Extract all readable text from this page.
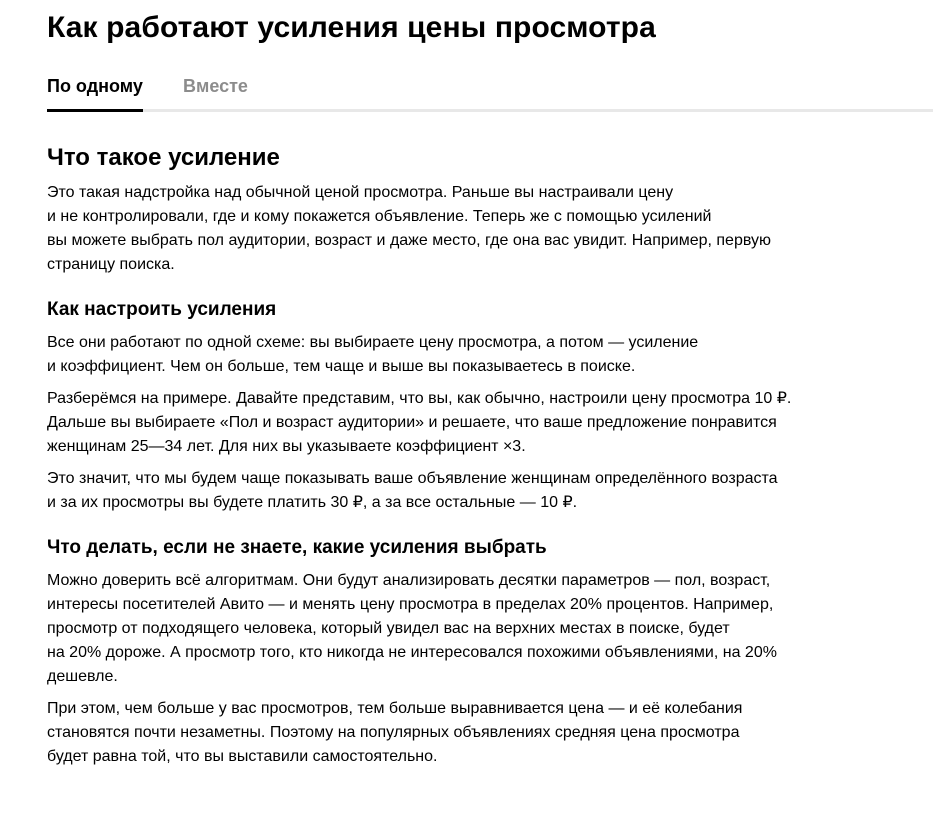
Как работают усиления цены просмотра
По одному Вместе
Что такое усиление

Это такая надстройка над обычной ценой просмотра. Раньше вы настраивали цену
и не контролировали, где и кому покажется объявление. Теперь же с помощью усилений
вы можете выбрать пол аудитории, возраст и даже место, где она вас увидит. Например, первую
страницу поиска.

Как настроить усиления

Все они работают по одной схеме: вы выбираете цену просмотра, а потом — усиление
и коэффициент. Чем он больше, тем чаще и выше вы показываетесь в поиске.

Разберёмся на примере. Давайте представим, что вы, как обычно, настроили цену просмотра 10 ₽.
Дальше вы выбираете «Пол и возраст аудитории» и решаете, что ваше предложение понравится
женщинам 25—34 лет. Для них вы указываете коэффициент ×3.

Это значит, что мы будем чаще показывать ваше объявление женщинам определённого возраста
и за их просмотры вы будете платить 30 ₽, а за все остальные — 10 ₽.

Что делать, если не знаете, какие усиления выбрать

Можно доверить всё алгоритмам. Они будут анализировать десятки параметров — пол, возраст,
интересы посетителей Авито — и менять цену просмотра в пределах 20% процентов. Например,
просмотр от подходящего человека, который увидел вас на верхних местах в поиске, будет
на 20% дороже. А просмотр того, кто никогда не интересовался похожими объявлениями, на 20%
дешевле.

При этом, чем больше у вас просмотров, тем больше выравнивается цена — и её колебания
становятся почти незаметны. Поэтому на популярных объявлениях средняя цена просмотра
будет равна той, что вы выставили самостоятельно.
